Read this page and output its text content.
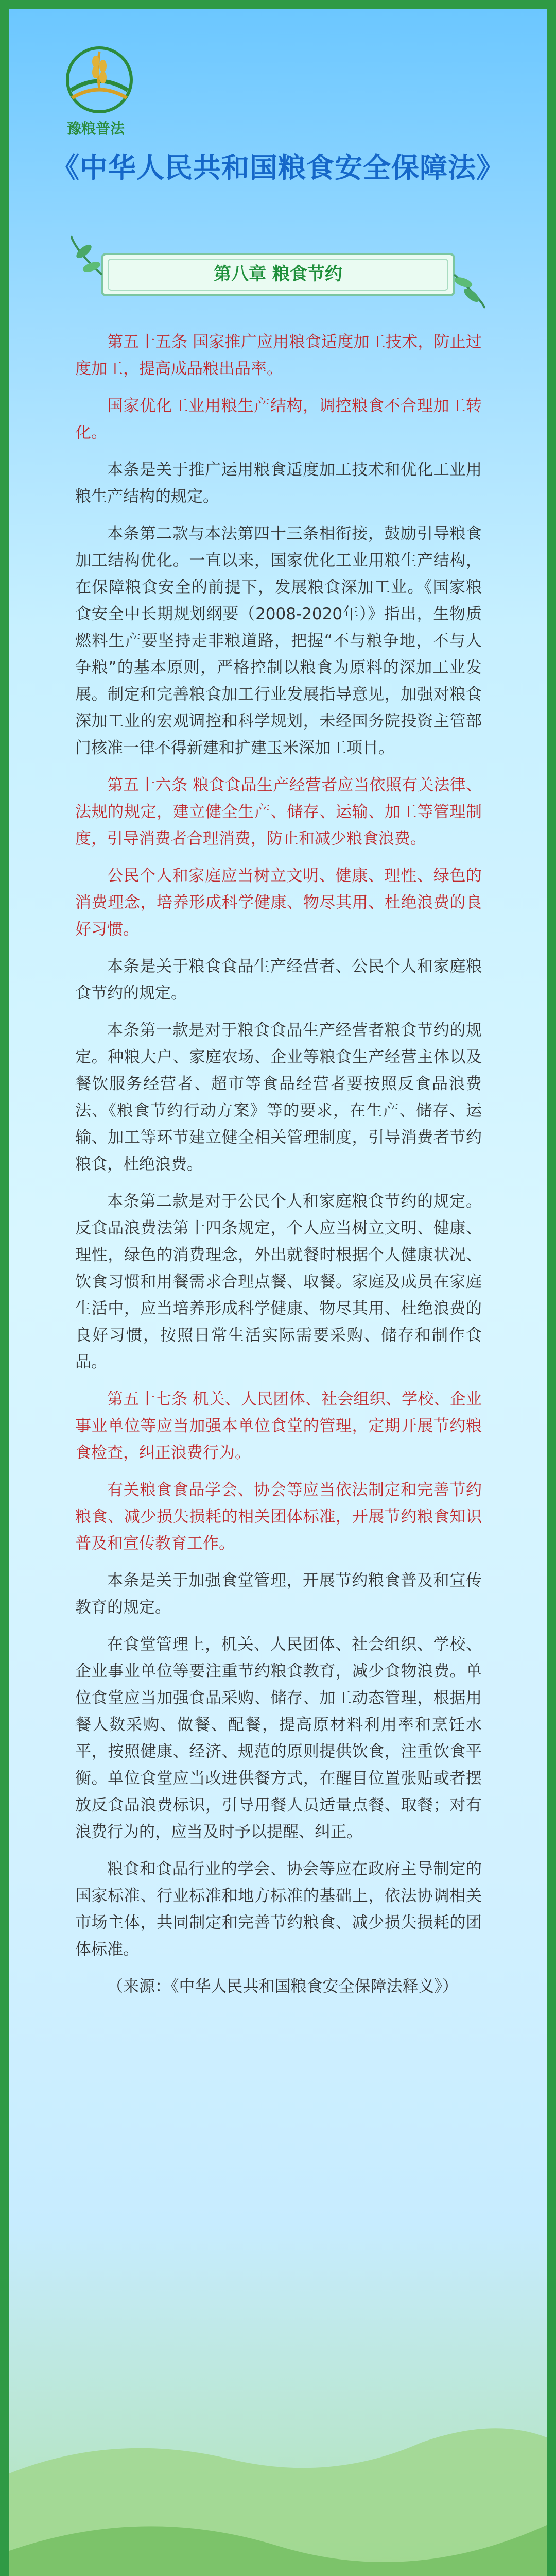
豫粮普法
《中华人民共和国粮食安全保障法》
第八章 粮食节约

第五十五条 国家推广应用粮食适度加工技术，防止过度加工，提高成品粮出品率。

国家优化工业用粮生产结构，调控粮食不合理加工转化。

本条是关于推广运用粮食适度加工技术和优化工业用粮生产结构的规定。

本条第二款与本法第四十三条相衔接，鼓励引导粮食加工结构优化。一直以来，国家优化工业用粮生产结构，在保障粮食安全的前提下，发展粮食深加工业。《国家粮食安全中长期规划纲要（2008-2020年）》指出，生物质燃料生产要坚持走非粮道路，把握“不与粮争地，不与人争粮”的基本原则，严格控制以粮食为原料的深加工业发展。制定和完善粮食加工行业发展指导意见，加强对粮食深加工业的宏观调控和科学规划，未经国务院投资主管部门核准一律不得新建和扩建玉米深加工项目。

第五十六条 粮食食品生产经营者应当依照有关法律、法规的规定，建立健全生产、储存、运输、加工等管理制度，引导消费者合理消费，防止和减少粮食浪费。

公民个人和家庭应当树立文明、健康、理性、绿色的消费理念，培养形成科学健康、物尽其用、杜绝浪费的良好习惯。

本条是关于粮食食品生产经营者、公民个人和家庭粮食节约的规定。

本条第一款是对于粮食食品生产经营者粮食节约的规定。种粮大户、家庭农场、企业等粮食生产经营主体以及餐饮服务经营者、超市等食品经营者要按照反食品浪费法、《粮食节约行动方案》等的要求，在生产、储存、运输、加工等环节建立健全相关管理制度，引导消费者节约粮食，杜绝浪费。

本条第二款是对于公民个人和家庭粮食节约的规定。反食品浪费法第十四条规定，个人应当树立文明、健康、理性，绿色的消费理念，外出就餐时根据个人健康状况、饮食习惯和用餐需求合理点餐、取餐。家庭及成员在家庭生活中，应当培养形成科学健康、物尽其用、杜绝浪费的良好习惯，按照日常生活实际需要采购、储存和制作食品。

第五十七条 机关、人民团体、社会组织、学校、企业事业单位等应当加强本单位食堂的管理，定期开展节约粮食检查，纠正浪费行为。

有关粮食食品学会、协会等应当依法制定和完善节约粮食、减少损失损耗的相关团体标准，开展节约粮食知识普及和宣传教育工作。

本条是关于加强食堂管理，开展节约粮食普及和宣传教育的规定。

在食堂管理上，机关、人民团体、社会组织、学校、企业事业单位等要注重节约粮食教育，减少食物浪费。单位食堂应当加强食品采购、储存、加工动态管理，根据用餐人数采购、做餐、配餐，提高原材料利用率和烹饪水平，按照健康、经济、规范的原则提供饮食，注重饮食平衡。单位食堂应当改进供餐方式，在醒目位置张贴或者摆放反食品浪费标识，引导用餐人员适量点餐、取餐；对有浪费行为的，应当及时予以提醒、纠正。

粮食和食品行业的学会、协会等应在政府主导制定的国家标准、行业标准和地方标准的基础上，依法协调相关市场主体，共同制定和完善节约粮食、减少损失损耗的团体标准。

（来源：《中华人民共和国粮食安全保障法释义》）
